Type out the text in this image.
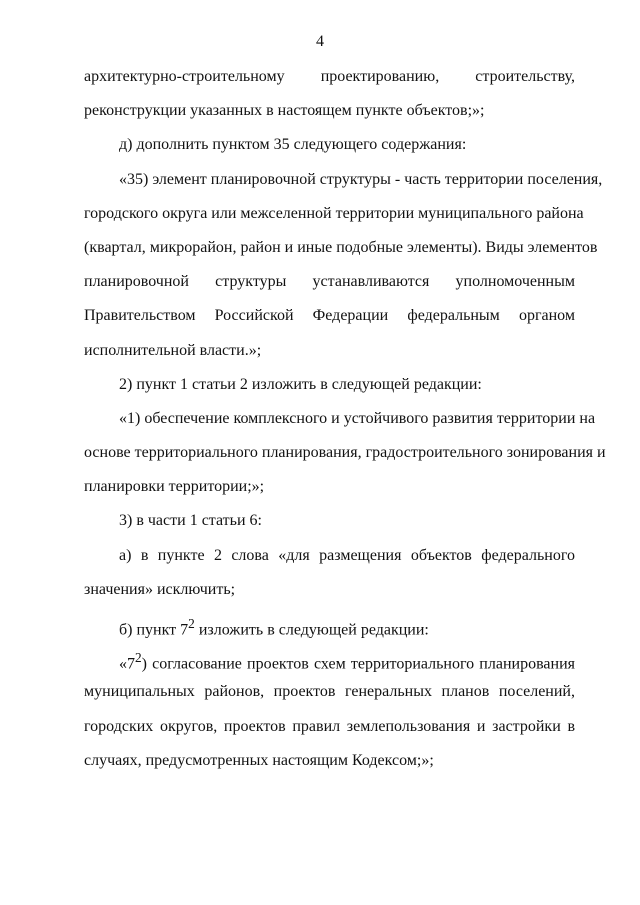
4
архитектурно-строительному проектированию, строительству,
реконструкции указанных в настоящем пункте объектов;»;
д) дополнить пунктом 35 следующего содержания:
«35) элемент планировочной структуры - часть территории поселения,
городского округа или межселенной территории муниципального района
(квартал, микрорайон, район и иные подобные элементы). Виды элементов
планировочной структуры устанавливаются уполномоченным
Правительством Российской Федерации федеральным органом
исполнительной власти.»;
2) пункт 1 статьи 2 изложить в следующей редакции:
«1) обеспечение комплексного и устойчивого развития территории на
основе территориального планирования, градостроительного зонирования и
планировки территории;»;
3) в части 1 статьи 6:
а) в пункте 2 слова «для размещения объектов федерального
значения» исключить;
б) пункт $7^2$ изложить в следующей редакции:
«$7^2$) согласование проектов схем территориального планирования
муниципальных районов, проектов генеральных планов поселений,
городских округов, проектов правил землепользования и застройки в
случаях, предусмотренных настоящим Кодексом;»;
